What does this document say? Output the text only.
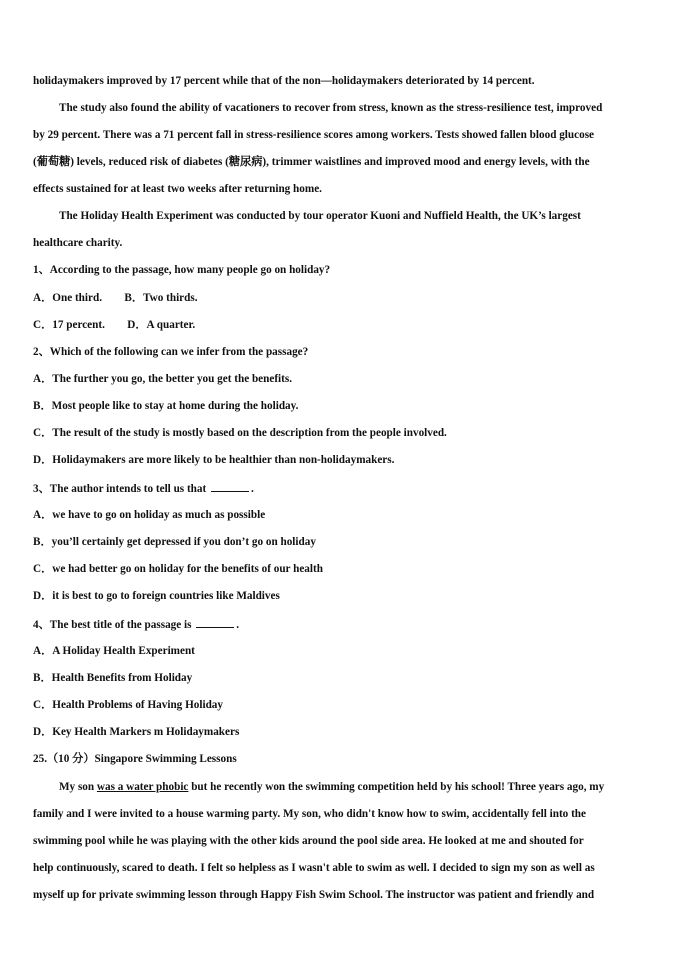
holidaymakers improved by 17 percent while that of the non—holidaymakers deteriorated by 14 percent.
The study also found the ability of vacationers to recover from stress, known as the stress-resilience test, improved
by 29 percent. There was a 71 percent fall in stress-resilience scores among workers. Tests showed fallen blood glucose
(葡萄糖) levels, reduced risk of diabetes (糖尿病), trimmer waistlines and improved mood and energy levels, with the
effects sustained for at least two weeks after returning home.
The Holiday Health Experiment was conducted by tour operator Kuoni and Nuffield Health, the UK’s largest
healthcare charity.
1、According to the passage, how many people go on holiday?
A．One third.        B．Two thirds.
C．17 percent.        D．A quarter.
2、Which of the following can we infer from the passage?
A．The further you go, the better you get the benefits.
B．Most people like to stay at home during the holiday.
C．The result of the study is mostly based on the description from the people involved.
D．Holidaymakers are more likely to be healthier than non-holidaymakers.
3、The author intends to tell us that	.
A．we have to go on holiday as much as possible
B．you’ll certainly get depressed if you don’t go on holiday
C．we had better go on holiday for the benefits of our health
D．it is best to go to foreign countries like Maldives
4、The best title of the passage is	.
A．A Holiday Health Experiment
B．Health Benefits from Holiday
C．Health Problems of Having Holiday
D．Key Health Markers m Holidaymakers
25.（10 分）Singapore Swimming Lessons
My son was a water phobic but he recently won the swimming competition held by his school! Three years ago, my
family and I were invited to a house warming party. My son, who didn't know how to swim, accidentally fell into the
swimming pool while he was playing with the other kids around the pool side area. He looked at me and shouted for
help continuously, scared to death. I felt so helpless as I wasn't able to swim as well. I decided to sign my son as well as
myself up for private swimming lesson through Happy Fish Swim School. The instructor was patient and friendly and
